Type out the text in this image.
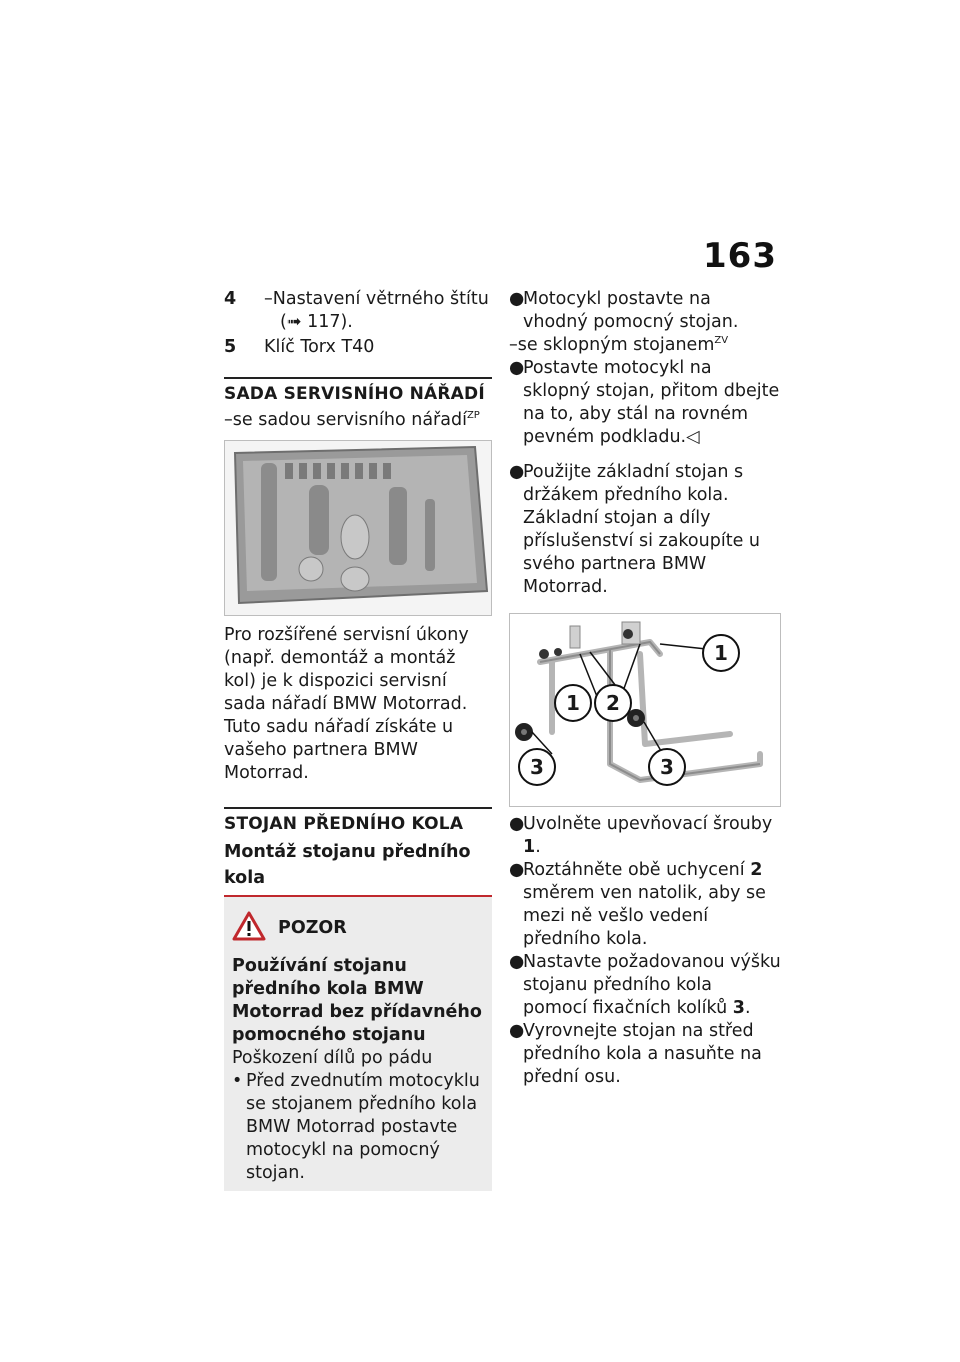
163
4	–Nastavení větrného štítu
(➟ 117).
5	Klíč Torx T40
SADA SERVISNÍHO NÁŘADÍ

–se sadou servisního nářadí$^{ZP}$

Pro rozšířené servisní úkony (např. demontáž a montáž kol) je k dispozici servisní sada nářadí BMW Motorrad. Tuto sadu nářadí získáte u vašeho partnera BMW Motorrad.

STOJAN PŘEDNÍHO KOLA
Montáž stojanu předního kola
POZOR

Používání stojanu předního kola BMW Motorrad bez přídavného pomocného stojanu

Poškození dílů po pádu

• Před zvednutím motocyklu se stojanem předního kola BMW Motorrad postavte motocykl na pomocný stojan.
●
Motocykl postavte na vhodný pomocný stojan.

–se sklopným stojanem$^{ZV}$

●
Postavte motocykl na sklopný stojan, přitom dbejte na to, aby stál na rovném pevném podkladu.◁
●
Použijte základní stojan s držákem předního kola. Základní stojan a díly příslušenství si zakoupíte u svého partnera BMW Motorrad.
1
1	2
3	3
●
Uvolněte upevňovací šrouby 1.
●
Roztáhněte obě uchycení 2
směrem ven natolik, aby se mezi ně vešlo vedení předního kola.
●
Nastavte požadovanou výšku stojanu předního kola pomocí fixačních kolíků 3.
●
Vyrovnejte stojan na střed předního kola a nasuňte na přední osu.
